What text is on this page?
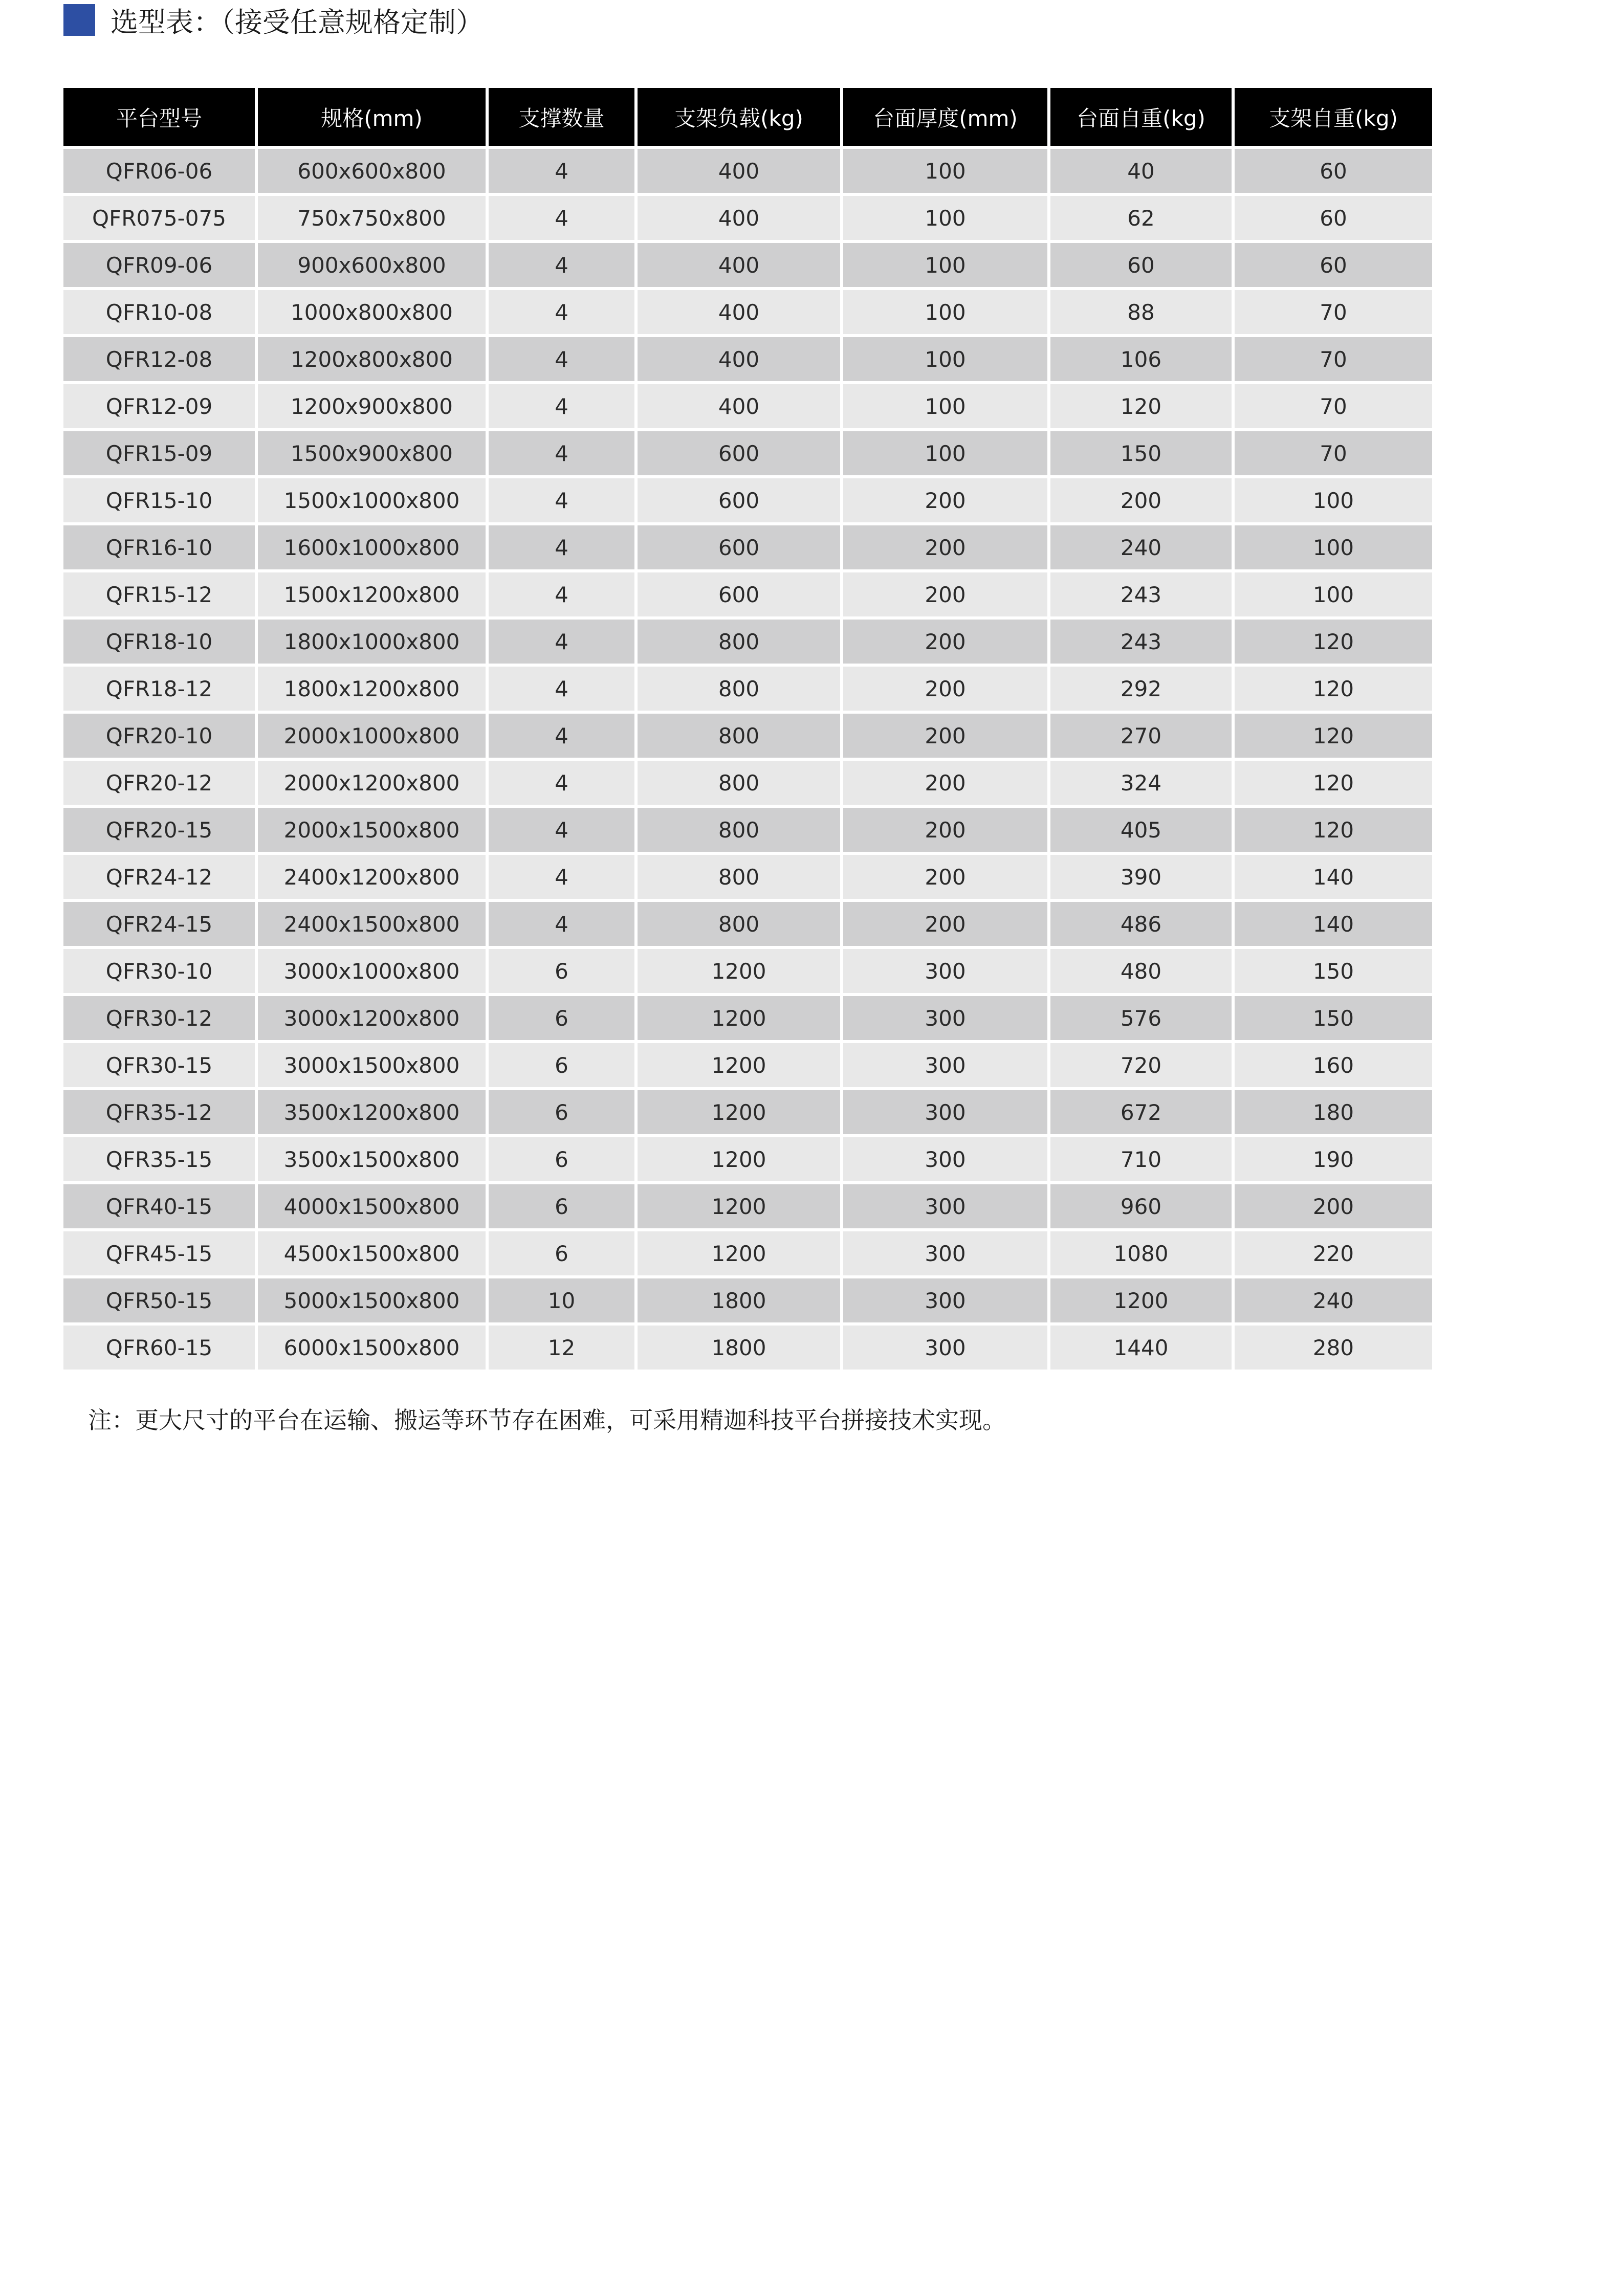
选型表：（接受任意规格定制）
平台型号	规格(mm)	支撑数量	支架负载(kg)	台面厚度(mm)	台面自重(kg)	支架自重(kg)
QFR06-06	600x600x800	4	400	100	40	60
QFR075-075	750x750x800	4	400	100	62	60
QFR09-06	900x600x800	4	400	100	60	60
QFR10-08	1000x800x800	4	400	100	88	70
QFR12-08	1200x800x800	4	400	100	106	70
QFR12-09	1200x900x800	4	400	100	120	70
QFR15-09	1500x900x800	4	600	100	150	70
QFR15-10	1500x1000x800	4	600	200	200	100
QFR16-10	1600x1000x800	4	600	200	240	100
QFR15-12	1500x1200x800	4	600	200	243	100
QFR18-10	1800x1000x800	4	800	200	243	120
QFR18-12	1800x1200x800	4	800	200	292	120
QFR20-10	2000x1000x800	4	800	200	270	120
QFR20-12	2000x1200x800	4	800	200	324	120
QFR20-15	2000x1500x800	4	800	200	405	120
QFR24-12	2400x1200x800	4	800	200	390	140
QFR24-15	2400x1500x800	4	800	200	486	140
QFR30-10	3000x1000x800	6	1200	300	480	150
QFR30-12	3000x1200x800	6	1200	300	576	150
QFR30-15	3000x1500x800	6	1200	300	720	160
QFR35-12	3500x1200x800	6	1200	300	672	180
QFR35-15	3500x1500x800	6	1200	300	710	190
QFR40-15	4000x1500x800	6	1200	300	960	200
QFR45-15	4500x1500x800	6	1200	300	1080	220
QFR50-15	5000x1500x800	10	1800	300	1200	240
QFR60-15	6000x1500x800	12	1800	300	1440	280
注：更大尺寸的平台在运输、搬运等环节存在困难，可采用精迦科技平台拼接技术实现。
